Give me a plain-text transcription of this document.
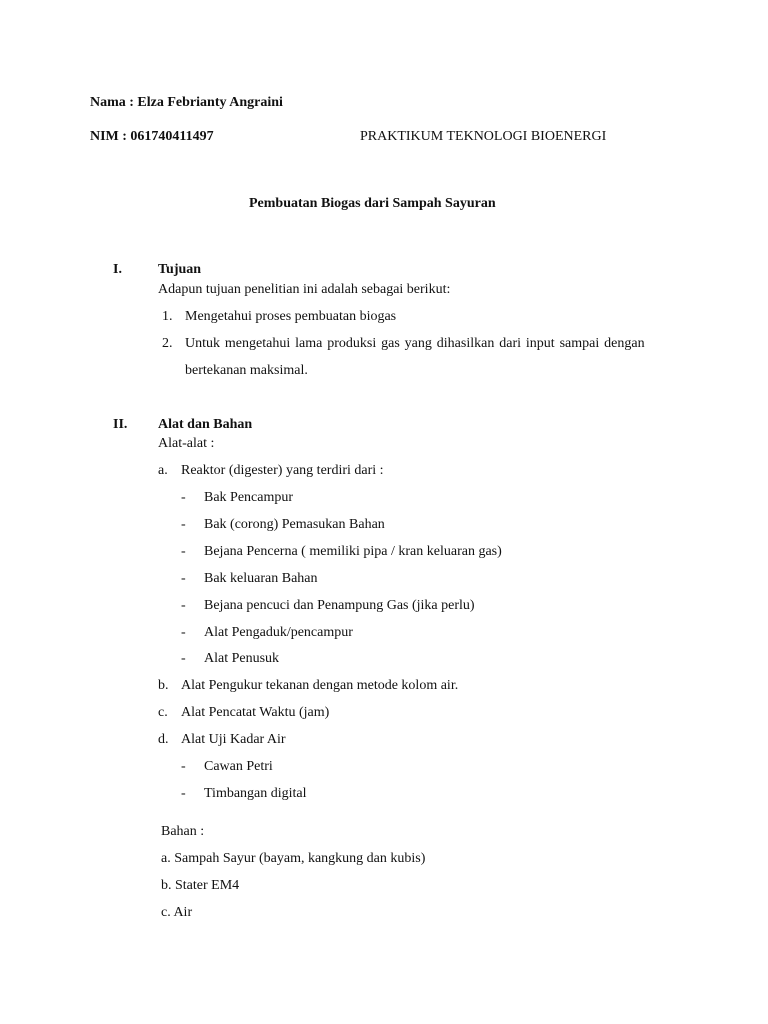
Nama : Elza Febrianty Angraini
NIM : 061740411497	PRAKTIKUM TEKNOLOGI BIOENERGI
Pembuatan Biogas dari Sampah Sayuran
I.	Tujuan
Adapun tujuan penelitian ini adalah sebagai berikut:
1. Mengetahui proses pembuatan biogas
2. Untuk mengetahui lama produksi gas yang dihasilkan dari input sampai dengan
bertekanan maksimal.
II. Alat dan Bahan
Alat-alat :
a. Reaktor (digester) yang terdiri dari :
- Bak Pencampur
- Bak (corong) Pemasukan Bahan
- Bejana Pencerna ( memiliki pipa / kran keluaran gas)
- Bak keluaran Bahan
- Bejana pencuci dan Penampung Gas (jika perlu)
- Alat Pengaduk/pencampur
- Alat Penusuk
b. Alat Pengukur tekanan dengan metode kolom air.
c. Alat Pencatat Waktu (jam)
d. Alat Uji Kadar Air
- Cawan Petri
- Timbangan digital
Bahan :
a. Sampah Sayur (bayam, kangkung dan kubis)
b. Stater EM4
c. Air
